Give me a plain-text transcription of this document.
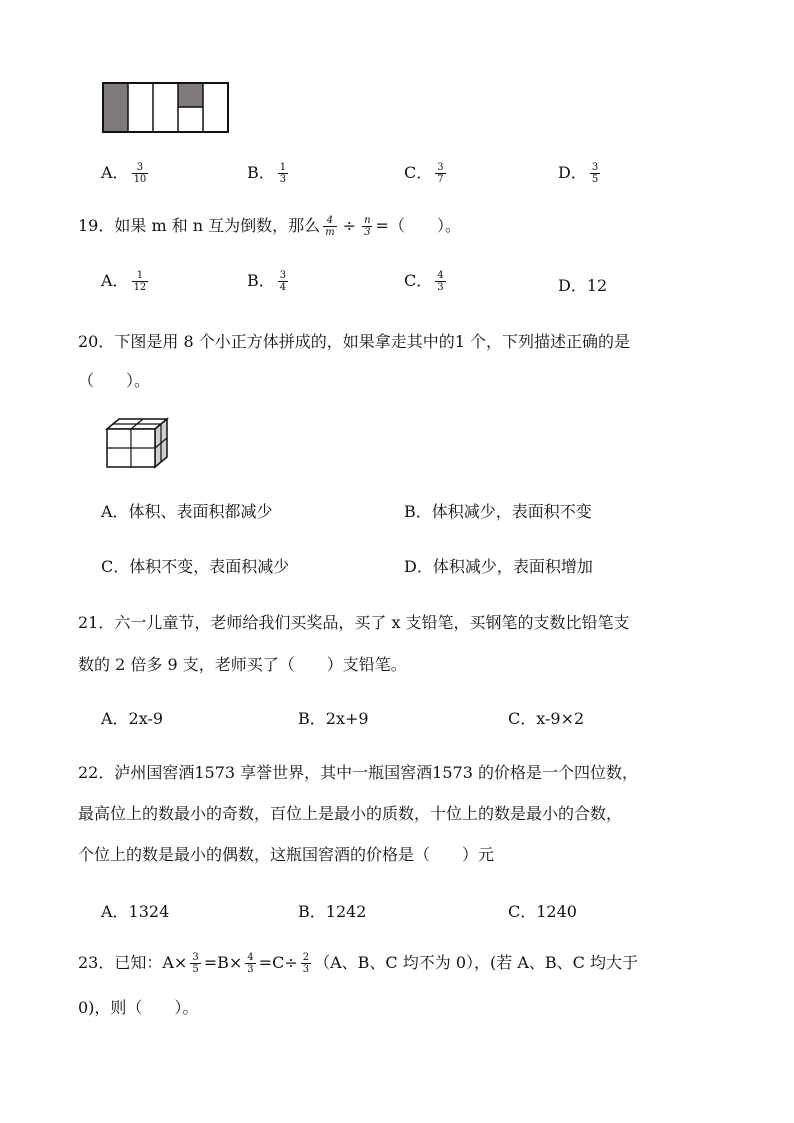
A． $\frac{3}{10}$	B． $\frac{1}{3}$	C． $\frac{3}{7}$	D． $\frac{3}{5}$
19．如果 m 和 n 互为倒数，那么 $\frac{4}{m} \div \frac{n}{3}$ =（　　）。
A． $\frac{1}{12}$	B． $\frac{3}{4}$	C． $\frac{4}{3}$	D．12
20．下图是用 8 个小正方体拼成的，如果拿走其中的1 个，下列描述正确的是
（　　）。
A．体积、表面积都减少	B．体积减少，表面积不变
C．体积不变，表面积减少	D．体积减少，表面积增加
21．六一儿童节，老师给我们买奖品，买了 x 支铅笔，买钢笔的支数比铅笔支
数的 2 倍多 9 支，老师买了（　　）支铅笔。
A．2x-9	B．2x+9	C．x-9×2
22．泸州国窖酒1573 享誉世界，其中一瓶国窖酒1573 的价格是一个四位数，
最高位上的数最小的奇数，百位上是最小的质数，十位上的数是最小的合数，
个位上的数是最小的偶数，这瓶国窖酒的价格是（　　）元
A．1324	B．1242	C．1240
23．已知：$A\times \frac{3}{5} =B\times \frac{4}{3} =C\div \frac{2}{3} (A$、B、C 均不为 0），(若 A、B、C 均大于
0)，则（　　）。
